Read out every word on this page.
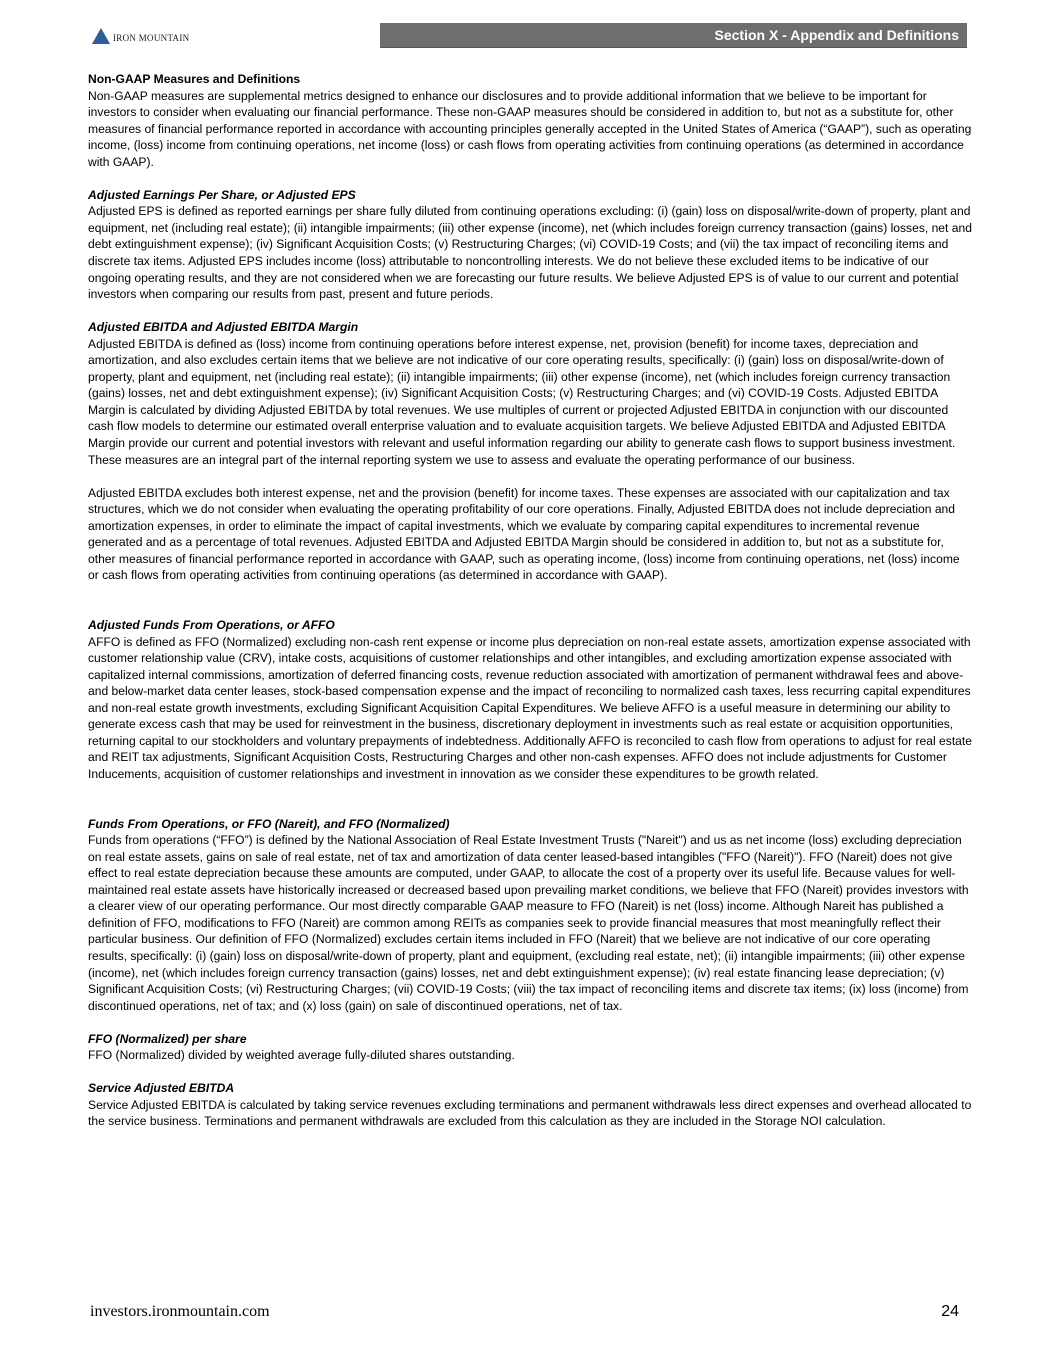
IRON MOUNTAIN	Section X - Appendix and Definitions

Non-GAAP Measures and Definitions

Non-GAAP measures are supplemental metrics designed to enhance our disclosures and to provide additional information that we believe to be important for investors to consider when evaluating our financial performance. These non-GAAP measures should be considered in addition to, but not as a substitute for, other measures of financial performance reported in accordance with accounting principles generally accepted in the United States of America (“GAAP”), such as operating income, (loss) income from continuing operations, net income (loss) or cash flows from operating activities from continuing operations (as determined in accordance with GAAP).

Adjusted Earnings Per Share, or Adjusted EPS

Adjusted EPS is defined as reported earnings per share fully diluted from continuing operations excluding: (i) (gain) loss on disposal/write-down of property, plant and equipment, net (including real estate); (ii) intangible impairments; (iii) other expense (income), net (which includes foreign currency transaction (gains) losses, net and debt extinguishment expense); (iv) Significant Acquisition Costs; (v) Restructuring Charges; (vi) COVID-19 Costs; and (vii) the tax impact of reconciling items and discrete tax items. Adjusted EPS includes income (loss) attributable to noncontrolling interests. We do not believe these excluded items to be indicative of our ongoing operating results, and they are not considered when we are forecasting our future results. We believe Adjusted EPS is of value to our current and potential investors when comparing our results from past, present and future periods.

Adjusted EBITDA and Adjusted EBITDA Margin

Adjusted EBITDA is defined as (loss) income from continuing operations before interest expense, net, provision (benefit) for income taxes, depreciation and amortization, and also excludes certain items that we believe are not indicative of our core operating results, specifically: (i) (gain) loss on disposal/write-down of property, plant and equipment, net (including real estate); (ii) intangible impairments; (iii) other expense (income), net (which includes foreign currency transaction (gains) losses, net and debt extinguishment expense); (iv) Significant Acquisition Costs; (v) Restructuring Charges; and (vi) COVID-19 Costs. Adjusted EBITDA Margin is calculated by dividing Adjusted EBITDA by total revenues. We use multiples of current or projected Adjusted EBITDA in conjunction with our discounted cash flow models to determine our estimated overall enterprise valuation and to evaluate acquisition targets. We believe Adjusted EBITDA and Adjusted EBITDA Margin provide our current and potential investors with relevant and useful information regarding our ability to generate cash flows to support business investment. These measures are an integral part of the internal reporting system we use to assess and evaluate the operating performance of our business.

Adjusted EBITDA excludes both interest expense, net and the provision (benefit) for income taxes. These expenses are associated with our capitalization and tax structures, which we do not consider when evaluating the operating profitability of our core operations. Finally, Adjusted EBITDA does not include depreciation and amortization expenses, in order to eliminate the impact of capital investments, which we evaluate by comparing capital expenditures to incremental revenue generated and as a percentage of total revenues. Adjusted EBITDA and Adjusted EBITDA Margin should be considered in addition to, but not as a substitute for, other measures of financial performance reported in accordance with GAAP, such as operating income, (loss) income from continuing operations, net (loss) income or cash flows from operating activities from continuing operations (as determined in accordance with GAAP).

Adjusted Funds From Operations, or AFFO

AFFO is defined as FFO (Normalized) excluding non-cash rent expense or income plus depreciation on non-real estate assets, amortization expense associated with customer relationship value (CRV), intake costs, acquisitions of customer relationships and other intangibles, and excluding amortization expense associated with capitalized internal commissions, amortization of deferred financing costs, revenue reduction associated with amortization of permanent withdrawal fees and above-and below-market data center leases, stock-based compensation expense and the impact of reconciling to normalized cash taxes, less recurring capital expenditures and non-real estate growth investments, excluding Significant Acquisition Capital Expenditures. We believe AFFO is a useful measure in determining our ability to generate excess cash that may be used for reinvestment in the business, discretionary deployment in investments such as real estate or acquisition opportunities, returning capital to our stockholders and voluntary prepayments of indebtedness. Additionally AFFO is reconciled to cash flow from operations to adjust for real estate and REIT tax adjustments, Significant Acquisition Costs, Restructuring Charges and other non-cash expenses. AFFO does not include adjustments for Customer Inducements, acquisition of customer relationships and investment in innovation as we consider these expenditures to be growth related.

Funds From Operations, or FFO (Nareit), and FFO (Normalized)

Funds from operations (“FFO”) is defined by the National Association of Real Estate Investment Trusts ("Nareit") and us as net income (loss) excluding depreciation on real estate assets, gains on sale of real estate, net of tax and amortization of data center leased-based intangibles ("FFO (Nareit)"). FFO (Nareit) does not give effect to real estate depreciation because these amounts are computed, under GAAP, to allocate the cost of a property over its useful life. Because values for well-maintained real estate assets have historically increased or decreased based upon prevailing market conditions, we believe that FFO (Nareit) provides investors with a clearer view of our operating performance. Our most directly comparable GAAP measure to FFO (Nareit) is net (loss) income. Although Nareit has published a definition of FFO, modifications to FFO (Nareit) are common among REITs as companies seek to provide financial measures that most meaningfully reflect their particular business. Our definition of FFO (Normalized) excludes certain items included in FFO (Nareit) that we believe are not indicative of our core operating results, specifically: (i) (gain) loss on disposal/write-down of property, plant and equipment, (excluding real estate, net); (ii) intangible impairments; (iii) other expense (income), net (which includes foreign currency transaction (gains) losses, net and debt extinguishment expense); (iv) real estate financing lease depreciation; (v) Significant Acquisition Costs; (vi) Restructuring Charges; (vii) COVID-19 Costs; (viii) the tax impact of reconciling items and discrete tax items; (ix) loss (income) from discontinued operations, net of tax; and (x) loss (gain) on sale of discontinued operations, net of tax.

FFO (Normalized) per share

FFO (Normalized) divided by weighted average fully-diluted shares outstanding.

Service Adjusted EBITDA

Service Adjusted EBITDA is calculated by taking service revenues excluding terminations and permanent withdrawals less direct expenses and overhead allocated to the service business. Terminations and permanent withdrawals are excluded from this calculation as they are included in the Storage NOI calculation.

investors.ironmountain.com	24
